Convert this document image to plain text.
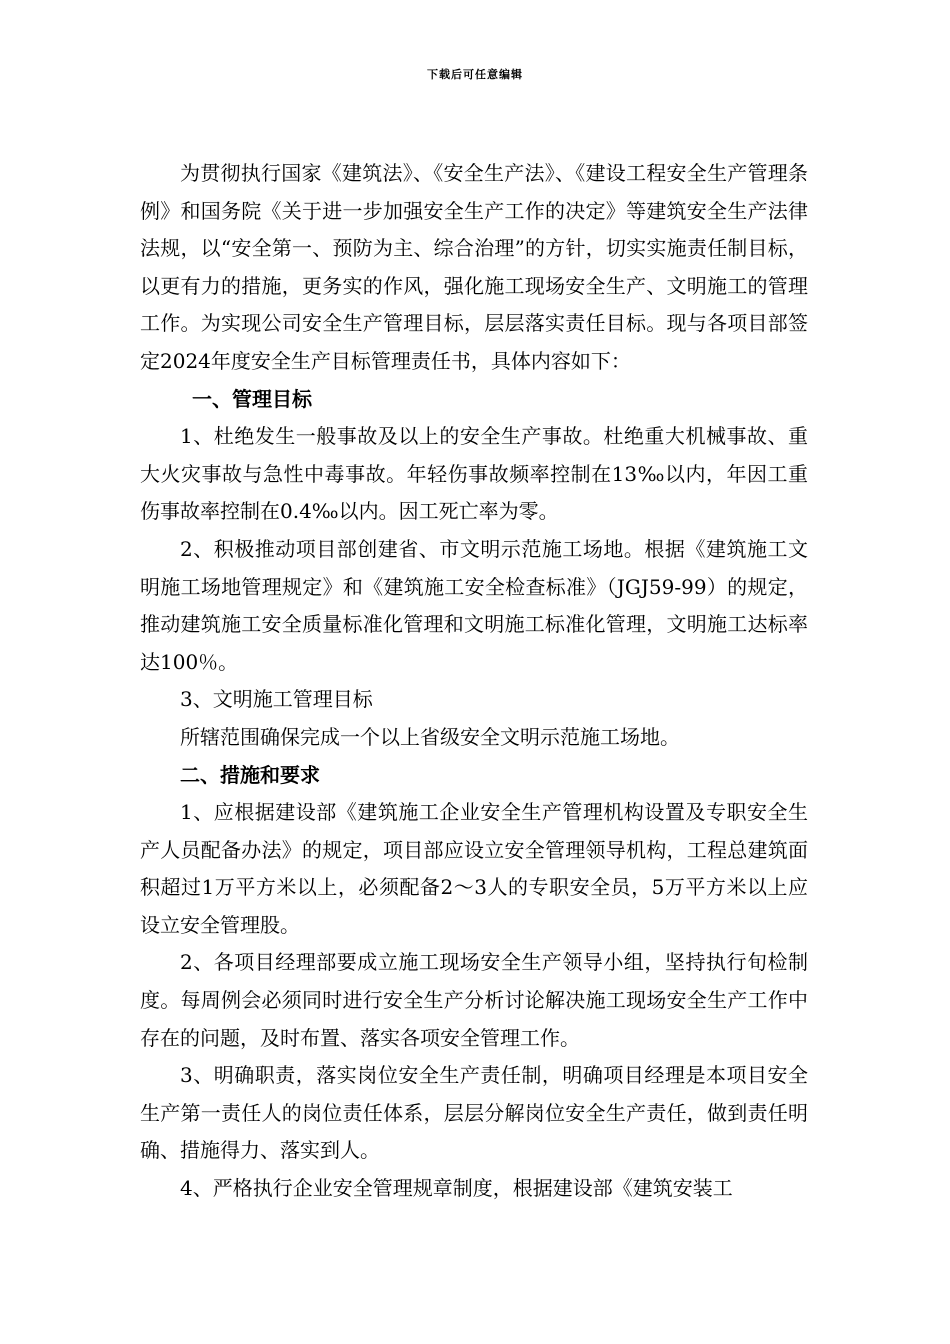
下载后可任意编辑

为贯彻执行国家《建筑法》、《安全生产法》、《建设工程安全生产管理条例》和国务院《关于进一步加强安全生产工作的决定》等建筑安全生产法律法规，以“安全第一、预防为主、综合治理”的方针，切实实施责任制目标，以更有力的措施，更务实的作风，强化施工现场安全生产、文明施工的管理工作。为实现公司安全生产管理目标，层层落实责任目标。现与各项目部签定2024年度安全生产目标管理责任书，具体内容如下：

一、管理目标

1、杜绝发生一般事故及以上的安全生产事故。杜绝重大机械事故、重大火灾事故与急性中毒事故。年轻伤事故频率控制在13‰以内，年因工重伤事故率控制在0.4‰以内。因工死亡率为零。

2、积极推动项目部创建省、市文明示范施工场地。根据《建筑施工文明施工场地管理规定》和《建筑施工安全检查标准》（JGJ59-99）的规定，推动建筑施工安全质量标准化管理和文明施工标准化管理，文明施工达标率达100％。

3、文明施工管理目标

所辖范围确保完成一个以上省级安全文明示范施工场地。

二、措施和要求

1、应根据建设部《建筑施工企业安全生产管理机构设置及专职安全生产人员配备办法》的规定，项目部应设立安全管理领导机构，工程总建筑面积超过1万平方米以上，必须配备2～3人的专职安全员，5万平方米以上应设立安全管理股。

2、各项目经理部要成立施工现场安全生产领导小组，坚持执行旬检制度。每周例会必须同时进行安全生产分析讨论解决施工现场安全生产工作中存在的问题，及时布置、落实各项安全管理工作。

3、明确职责，落实岗位安全生产责任制，明确项目经理是本项目安全生产第一责任人的岗位责任体系，层层分解岗位安全生产责任，做到责任明确、措施得力、落实到人。

4、严格执行企业安全管理规章制度，根据建设部《建筑安装工
